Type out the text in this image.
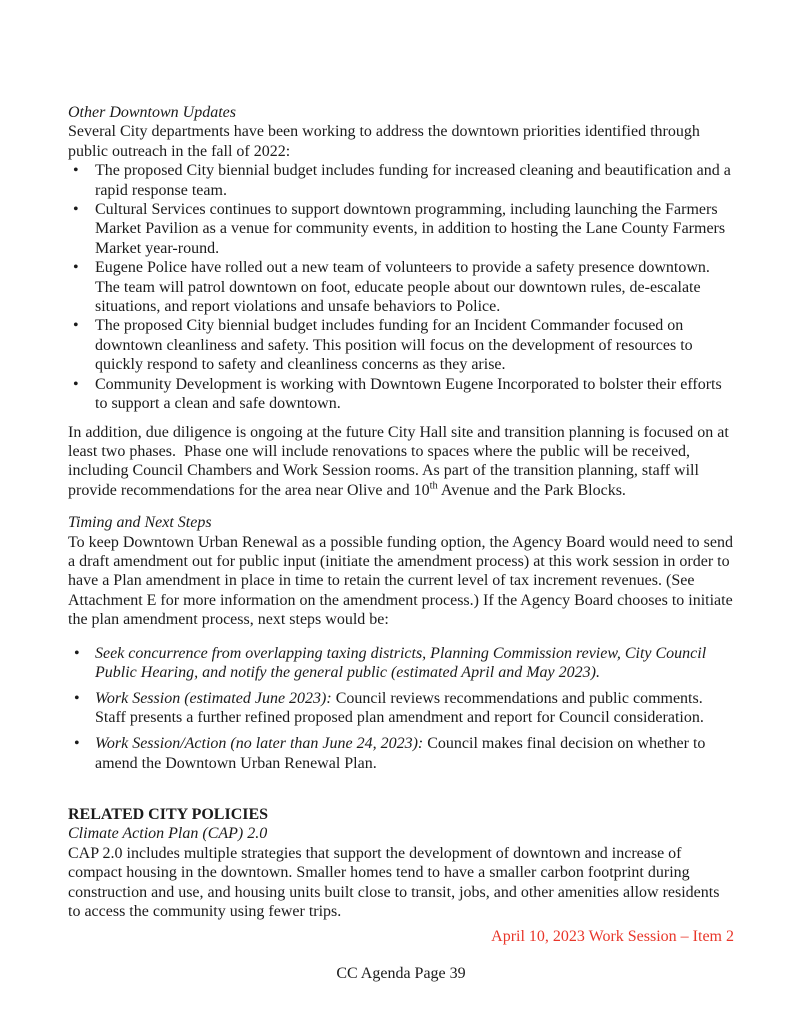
Other Downtown Updates

Several City departments have been working to address the downtown priorities identified through public outreach in the fall of 2022:

• The proposed City biennial budget includes funding for increased cleaning and beautification and a rapid response team.
• Cultural Services continues to support downtown programming, including launching the Farmers Market Pavilion as a venue for community events, in addition to hosting the Lane County Farmers Market year-round.
• Eugene Police have rolled out a new team of volunteers to provide a safety presence downtown. The team will patrol downtown on foot, educate people about our downtown rules, de-escalate situations, and report violations and unsafe behaviors to Police.
• The proposed City biennial budget includes funding for an Incident Commander focused on downtown cleanliness and safety. This position will focus on the development of resources to quickly respond to safety and cleanliness concerns as they arise.
• Community Development is working with Downtown Eugene Incorporated to bolster their efforts to support a clean and safe downtown.

In addition, due diligence is ongoing at the future City Hall site and transition planning is focused on at least two phases.  Phase one will include renovations to spaces where the public will be received, including Council Chambers and Work Session rooms. As part of the transition planning, staff will provide recommendations for the area near Olive and 10th Avenue and the Park Blocks.

Timing and Next Steps

To keep Downtown Urban Renewal as a possible funding option, the Agency Board would need to send a draft amendment out for public input (initiate the amendment process) at this work session in order to have a Plan amendment in place in time to retain the current level of tax increment revenues. (See Attachment E for more information on the amendment process.) If the Agency Board chooses to initiate the plan amendment process, next steps would be:

• Seek concurrence from overlapping taxing districts, Planning Commission review, City Council Public Hearing, and notify the general public (estimated April and May 2023).
• Work Session (estimated June 2023): Council reviews recommendations and public comments. Staff presents a further refined proposed plan amendment and report for Council consideration.
• Work Session/Action (no later than June 24, 2023): Council makes final decision on whether to amend the Downtown Urban Renewal Plan.

RELATED CITY POLICIES

Climate Action Plan (CAP) 2.0

CAP 2.0 includes multiple strategies that support the development of downtown and increase of compact housing in the downtown. Smaller homes tend to have a smaller carbon footprint during construction and use, and housing units built close to transit, jobs, and other amenities allow residents to access the community using fewer trips.

April 10, 2023 Work Session – Item 2

CC Agenda Page 39
